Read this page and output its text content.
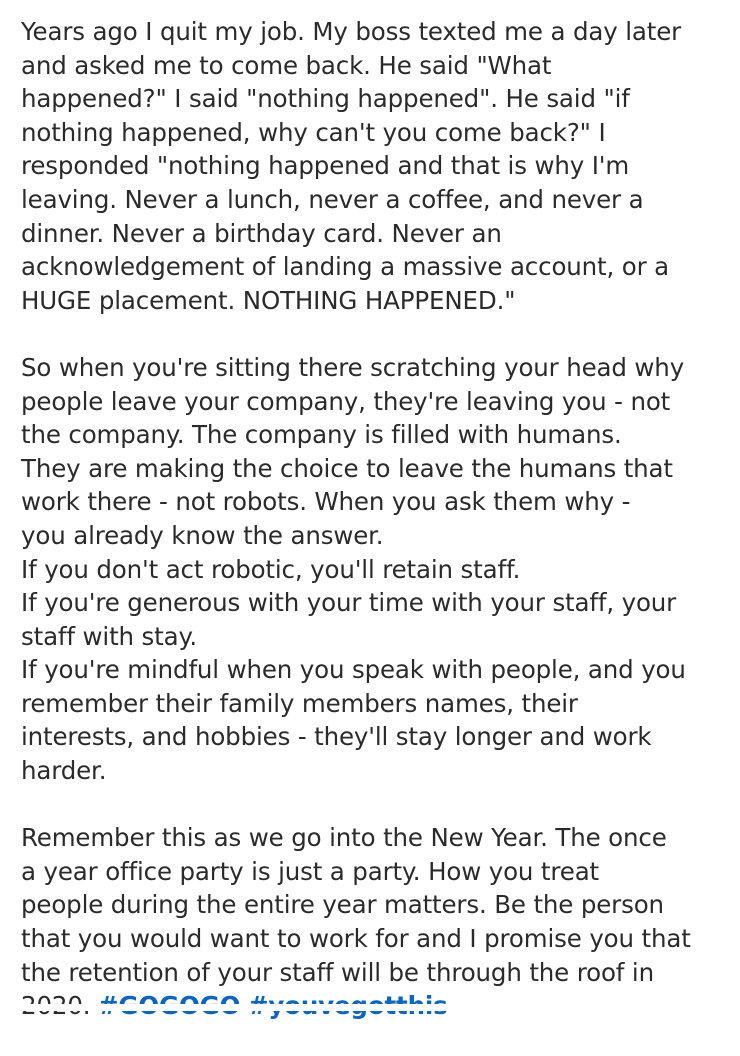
Years ago I quit my job. My boss texted me a day later
and asked me to come back. He said "What
happened?" I said "nothing happened". He said "if
nothing happened, why can't you come back?" I
responded "nothing happened and that is why I'm
leaving. Never a lunch, never a coffee, and never a
dinner. Never a birthday card. Never an
acknowledgement of landing a massive account, or a
HUGE placement. NOTHING HAPPENED."
So when you're sitting there scratching your head why
people leave your company, they're leaving you - not
the company. The company is filled with humans.
They are making the choice to leave the humans that
work there - not robots. When you ask them why -
you already know the answer.
If you don't act robotic, you'll retain staff.
If you're generous with your time with your staff, your
staff with stay.
If you're mindful when you speak with people, and you
remember their family members names, their
interests, and hobbies - they'll stay longer and work
harder.
Remember this as we go into the New Year. The once
a year office party is just a party. How you treat
people during the entire year matters. Be the person
that you would want to work for and I promise you that
the retention of your staff will be through the roof in
